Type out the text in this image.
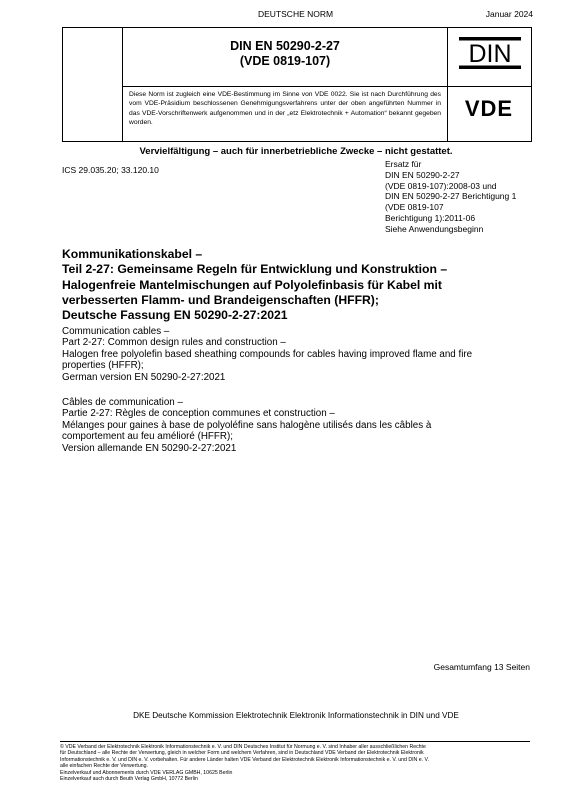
DEUTSCHE NORM	Januar 2024
DIN EN 50290-2-27
(VDE 0819-107)	DIN
Diese Norm ist zugleich eine VDE-Bestimmung im Sinne von VDE 0022. Sie ist nach Durchführung des vom VDE-Präsidium beschlossenen Genehmigungsverfahrens unter der oben angeführten Nummer in das VDE-Vorschriftenwerk aufgenommen und in der „etz Elektrotechnik + Automation“ bekannt gegeben worden.
VDE
Vervielfältigung – auch für innerbetriebliche Zwecke – nicht gestattet.
ICS 29.035.20; 33.120.10
Ersatz für
DIN EN 50290-2-27
(VDE 0819-107):2008-03 und
DIN EN 50290-2-27 Berichtigung 1
(VDE 0819-107
Berichtigung 1):2011-06
Siehe Anwendungsbeginn
Kommunikationskabel –
Teil 2-27: Gemeinsame Regeln für Entwicklung und Konstruktion –
Halogenfreie Mantelmischungen auf Polyolefinbasis für Kabel mit
verbesserten Flamm- und Brandeigenschaften (HFFR);
Deutsche Fassung EN 50290-2-27:2021
Communication cables –
Part 2-27: Common design rules and construction –
Halogen free polyolefin based sheathing compounds for cables having improved flame and fire
properties (HFFR);
German version EN 50290-2-27:2021
Câbles de communication –
Partie 2-27: Règles de conception communes et construction –
Mélanges pour gaines à base de polyoléfine sans halogène utilisés dans les câbles à
comportement au feu amélioré (HFFR);
Version allemande EN 50290-2-27:2021
Gesamtumfang 13 Seiten
DKE Deutsche Kommission Elektrotechnik Elektronik Informationstechnik in DIN und VDE
© VDE Verband der Elektrotechnik Elektronik Informationstechnik e. V. und DIN Deutsches Institut für Normung e. V. sind Inhaber aller ausschließlichen Rechte
für Deutschland – alle Rechte der Verwertung, gleich in welcher Form und welchem Verfahren, sind in Deutschland VDE Verband der Elektrotechnik Elektronik
Informationstechnik e. V. und DIN e. V. vorbehalten. Für andere Länder halten VDE Verband der Elektrotechnik Elektronik Informationstechnik e. V. und DIN e. V.
alle einfachen Rechte der Verwertung.
Einzelverkauf und Abonnements durch VDE VERLAG GMBH, 10625 Berlin
Einzelverkauf auch durch Beuth Verlag GmbH, 10772 Berlin
